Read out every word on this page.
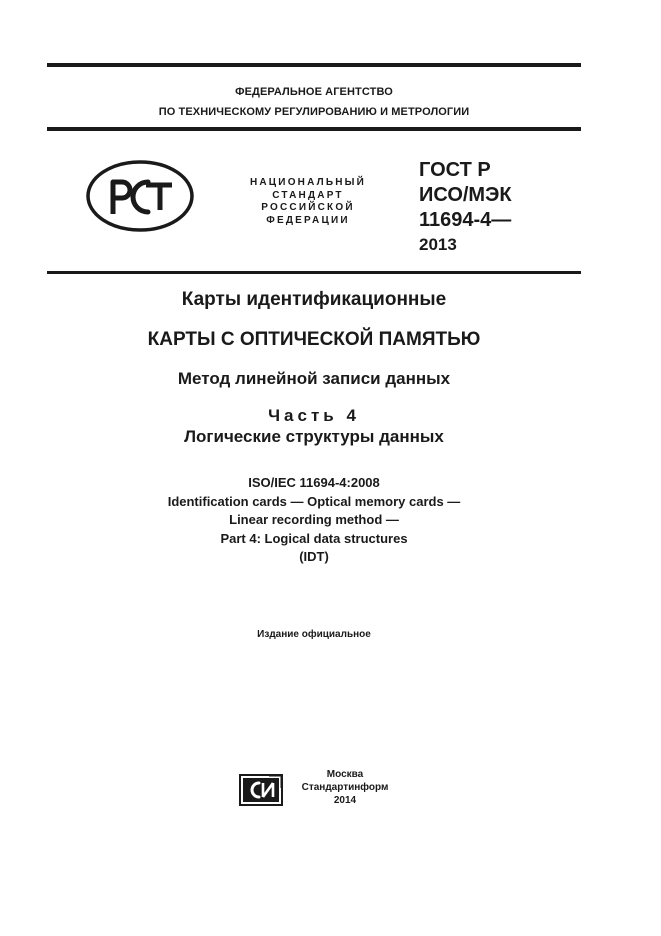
ФЕДЕРАЛЬНОЕ АГЕНТСТВО
ПО ТЕХНИЧЕСКОМУ РЕГУЛИРОВАНИЮ И МЕТРОЛОГИИ
НАЦИОНАЛЬНЫЙ
СТАНДАРТ
РОССИЙСКОЙ
ФЕДЕРАЦИИ
ГОСТ Р
ИСО/МЭК
11694-4—
2013
Карты идентификационные
КАРТЫ С ОПТИЧЕСКОЙ ПАМЯТЬЮ
Метод линейной записи данных
Часть 4
Логические структуры данных
ISO/IEC 11694-4:2008
Identification cards — Optical memory cards —
Linear recording method —
Part 4: Logical data structures
(IDT)
Издание официальное
Москва
Стандартинформ
2014
